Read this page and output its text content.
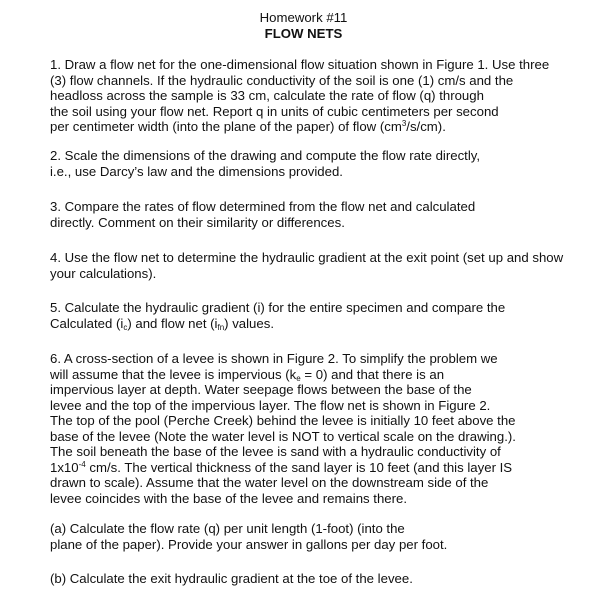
Homework #11
FLOW NETS
1. Draw a flow net for the one-dimensional flow situation shown in Figure 1. Use three
(3) flow channels. If the hydraulic conductivity of the soil is one (1) cm/s and the
headloss across the sample is 33 cm, calculate the rate of flow (q) through
the soil using your flow net. Report q in units of cubic centimeters per second
per centimeter width (into the plane of the paper) of flow $(cm^3/s/cm)$.
2. Scale the dimensions of the drawing and compute the flow rate directly,
i.e., use Darcy’s law and the dimensions provided.
3. Compare the rates of flow determined from the flow net and calculated
directly. Comment on their similarity or differences.
4. Use the flow net to determine the hydraulic gradient at the exit point (set up and show
your calculations).
5. Calculate the hydraulic gradient (i) for the entire specimen and compare the
Calculated $(i_c)$ and flow net $(i_{fn})$ values.
6. A cross-section of a levee is shown in Figure 2. To simplify the problem we
will assume that the levee is impervious $(k_e = 0)$ and that there is an
impervious layer at depth. Water seepage flows between the base of the
levee and the top of the impervious layer. The flow net is shown in Figure 2.
The top of the pool (Perche Creek) behind the levee is initially 10 feet above the
base of the levee (Note the water level is NOT to vertical scale on the drawing.).
The soil beneath the base of the levee is sand with a hydraulic conductivity of
$1x10^{-4}$ cm/s. The vertical thickness of the sand layer is 10 feet (and this layer IS
drawn to scale). Assume that the water level on the downstream side of the
levee coincides with the base of the levee and remains there.
(a) Calculate the flow rate (q) per unit length (1-foot) (into the
plane of the paper). Provide your answer in gallons per day per foot.
(b) Calculate the exit hydraulic gradient at the toe of the levee.
